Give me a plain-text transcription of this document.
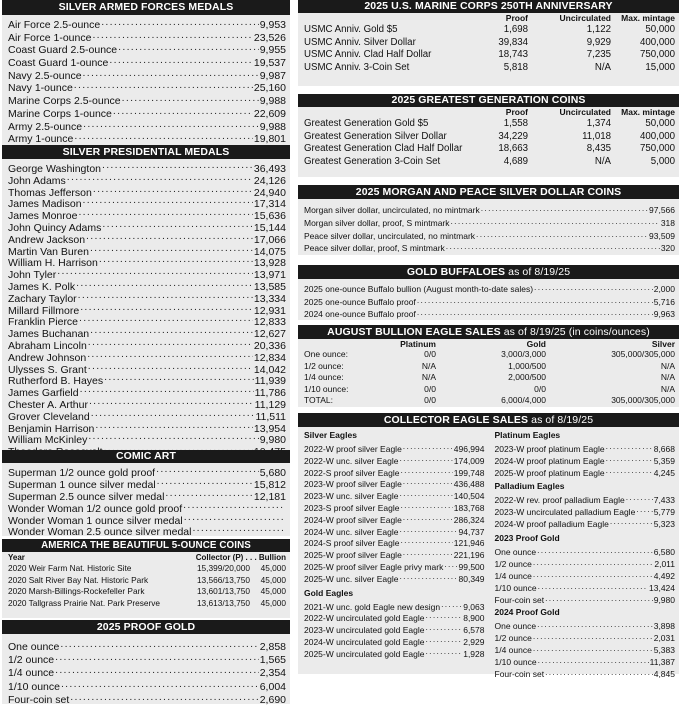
SILVER ARMED FORCES MEDALS
Air Force 2.5-ounce .....	9,953
Air Force 1-ounce .....	23,526
Coast Guard 2.5-ounce .....	9,955
Coast Guard 1-ounce .....	19,537
Navy 2.5-ounce .....	9,987
Navy 1-ounce .....	25,160
Marine Corps 2.5-ounce .....	9,988
Marine Corps 1-ounce .....	22,609
Army 2.5-ounce .....	9,988
Army 1-ounce .....	19,801
SILVER PRESIDENTIAL MEDALS
George Washington .....	36,493
John Adams .....	24,126
Thomas Jefferson .....	24,940
James Madison .....	17,314
James Monroe .....	15,636
John Quincy Adams .....	15,144
Andrew Jackson .....	17,066
Martin Van Buren .....	14,075
William H. Harrison .....	13,928
John Tyler .....	13,971
James K. Polk .....	13,585
Zachary Taylor .....	13,334
Millard Fillmore .....	12,931
Franklin Pierce .....	12,833
James Buchanan .....	12,627
Abraham Lincoln .....	20,336
Andrew Johnson .....	12,834
Ulysses S. Grant .....	14,042
Rutherford B. Hayes .....	11,939
James Garfield .....	11,786
Chester A. Arthur .....	11,129
Grover Cleveland .....	11,511
Benjamin Harrison .....	13,954
William McKinley .....	9,980
.....
COMIC ART
Superman 1/2 ounce gold proof .....	5,680
Superman 1 ounce silver medal .....	15,812
Superman 2.5 ounce silver medal .....	12,181
Wonder Woman 1/2 ounce gold proof
.....
Wonder Woman 1 ounce silver medal
.....
Wonder Woman 2.5 ounce silver medal
.....
AMERICA THE BEAUTIFUL 5-OUNCE COINS
Year	Collector (P) . . . Bullion
2020 Weir Farm Nat. Historic Site	15,399/20,000	45,000
2020 Salt River Bay Nat. Historic Park	13,566/13,750	45,000
2020 Marsh-Billings-Rockefeller Park	13,601/13,750	45,000
2020 Tallgrass Prairie Nat. Park Preserve	13,613/13,750	45,000
2025 PROOF GOLD
One ounce .....	2,858
1/2 ounce .....	1,565
1/4 ounce .....	2,354
1/10 ounce .....	6,004
Four-coin set .....	2,690
2025 U.S. MARINE CORPS 250TH ANNIVERSARY
Proof	Uncirculated	Max. mintage
USMC Anniv. Gold $5	1,698	1,122	50,000
USMC Anniv. Silver Dollar	39,834	9,929	400,000
USMC Anniv. Clad Half Dollar	18,743	7,235	750,000
USMC Anniv. 3-Coin Set	5,818	N/A	15,000
2025 GREATEST GENERATION COINS
Proof	Uncirculated	Max. mintage
Greatest Generation Gold $5	1,558	1,374	50,000
Greatest Generation Silver Dollar	34,229	11,018	400,000
Greatest Generation Clad Half Dollar	18,663	8,435	750,000
Greatest Generation 3-Coin Set	4,689	N/A	5,000
2025 MORGAN AND PEACE SILVER DOLLAR COINS
Morgan silver dollar, uncirculated, no mintmark .....	97,566
Morgan silver dollar, proof, S mintmark .....	318
Peace silver dollar, uncirculated, no mintmark .....	93,509
Peace silver dollar, proof, S mintmark .....	320
GOLD BUFFALOES as of 8/19/25
2025 one-ounce Buffalo bullion (August month-to-date sales) .....	2,000
2025 one-ounce Buffalo proof .....	5,716
2024 one-ounce Buffalo proof .....	9,963
AUGUST BULLION EAGLE SALES as of 8/19/25 (in coins/ounces)
Platinum	Gold	Silver
One ounce:	0/0	3,000/3,000	305,000/305,000
1/2 ounce:	N/A	1,000/500	N/A
1/4 ounce:	N/A	2,000/500	N/A
1/10 ounce:	0/0	0/0	N/A
TOTAL:	0/0	6,000/4,000	305,000/305,000
COLLECTOR EAGLE SALES as of 8/19/25
Silver Eagles
2022-W proof silver Eagle .....	496,994
2022-W unc. silver Eagle .....	174,009
2022-S proof silver Eagle .....	199,748
2023-W proof silver Eagle .....	436,488
2023-W unc. silver Eagle .....	140,504
2023-S proof silver Eagle .....	183,768
2024-W proof silver Eagle .....	286,324
2024-W unc. silver Eagle .....	94,737
2024-S proof silver Eagle .....	121,946
2025-W proof silver Eagle .....	221,196
2025-W proof silver Eagle privy mark ..... 99,500
2025-W unc. silver Eagle .....	80,349
Gold Eagles
2021-W unc. gold Eagle new design .....	9,063
2022-W uncirculated gold Eagle .....	8,900
2023-W uncirculated gold Eagle .....	6,578
2024-W uncirculated gold Eagle .....	2,929
2025-W uncirculated gold Eagle .....	1,928
Platinum Eagles
2023-W proof platinum Eagle .....	8,668
2024-W proof platinum Eagle .....	5,359
2025-W proof platinum Eagle .....	4,245
Palladium Eagles
2022-W rev. proof palladium Eagle .....	7,433
2023-W uncirculated palladium Eagle ..... 5,779
2024-W proof palladium Eagle .....	5,323
2023 Proof Gold
One ounce .....	6,580
1/2 ounce .....	2,011
1/4 ounce .....	4,492
1/10 ounce .....	13,424
Four-coin set .....	9,980
2024 Proof Gold
One ounce .....	3,898
1/2 ounce .....	2,031
1/4 ounce .....	5,383
1/10 ounce .....	11,387
Four-coin set .....	4,845
